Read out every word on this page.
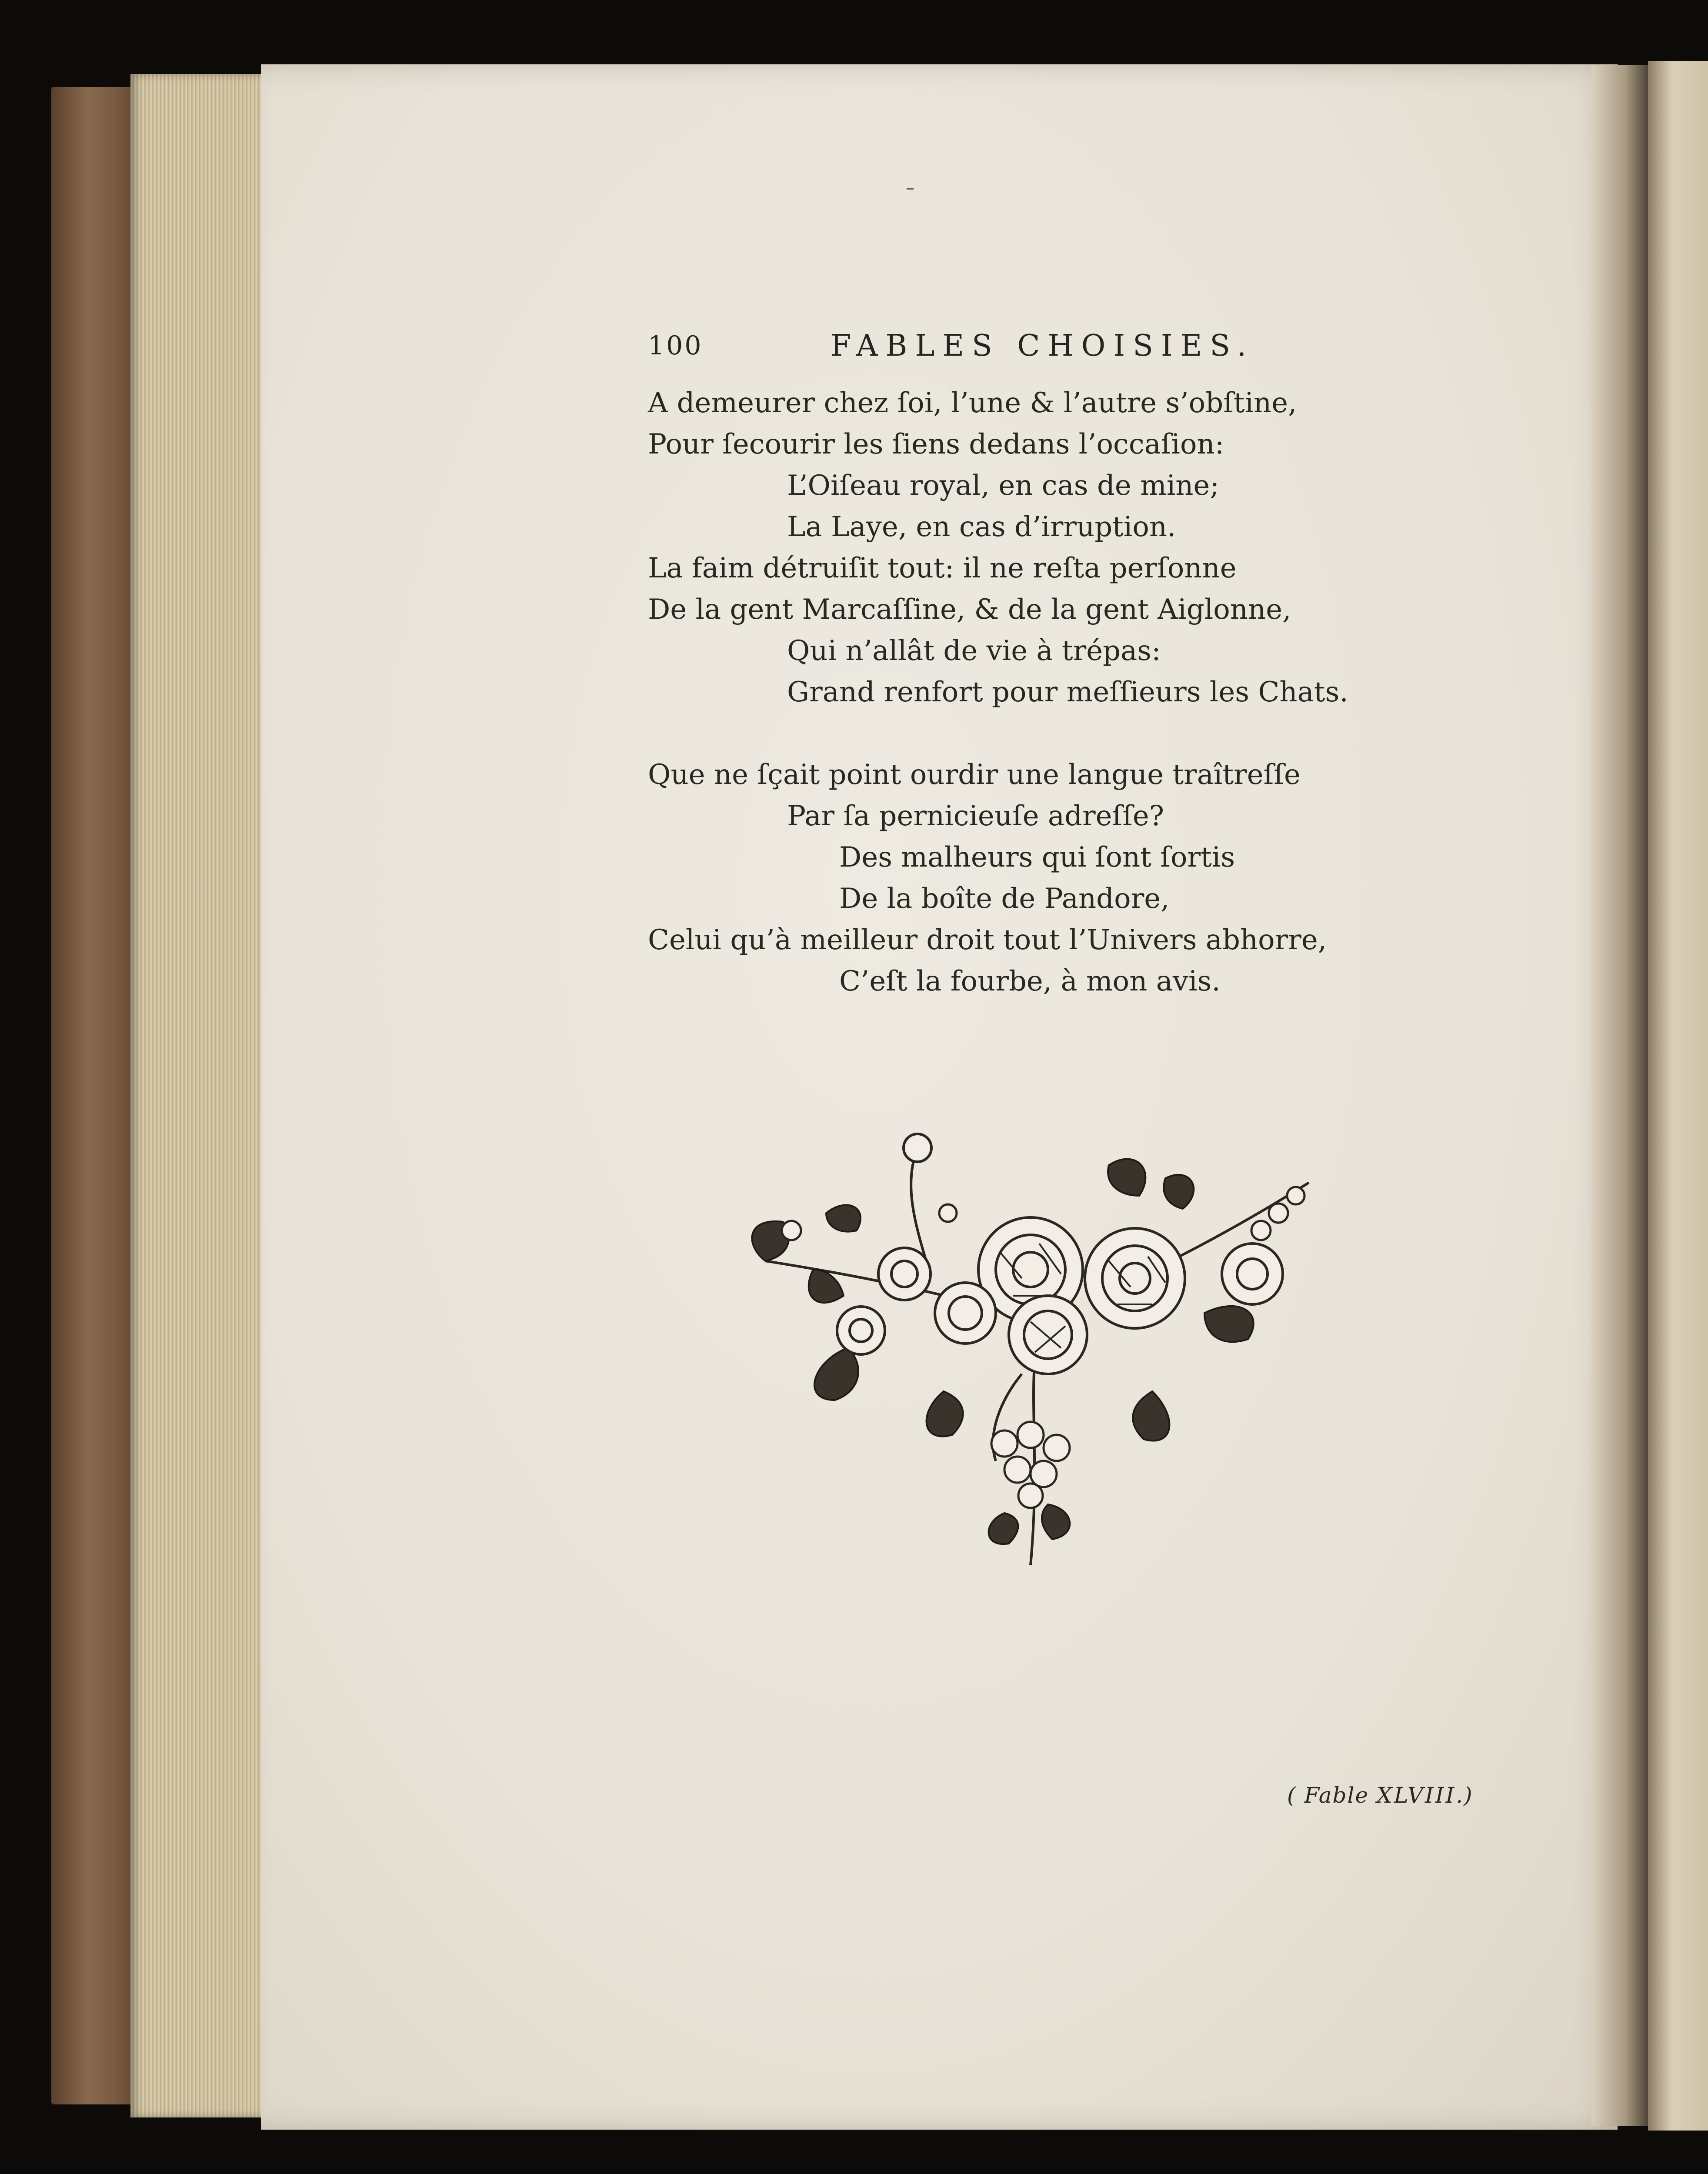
100	FABLES CHOISIES.
A demeurer chez ſoi, l’une & l’autre s’obſtine,
Pour ſecourir les ſiens dedans l’occaſion:
L’Oiſeau royal, en cas de mine;
La Laye, en cas d’irruption.
La faim détruiſit tout: il ne reſta perſonne
De la gent Marcaſſine, & de la gent Aiglonne,
Qui n’allât de vie à trépas:
Grand renfort pour meſſieurs les Chats.
Que ne ſçait point ourdir une langue traîtreſſe
Par ſa pernicieuſe adreſſe?
Des malheurs qui ſont ſortis
De la boîte de Pandore,
Celui qu’à meilleur droit tout l’Univers abhorre,
C’eſt la fourbe, à mon avis.
( Fable XLVIII.)
